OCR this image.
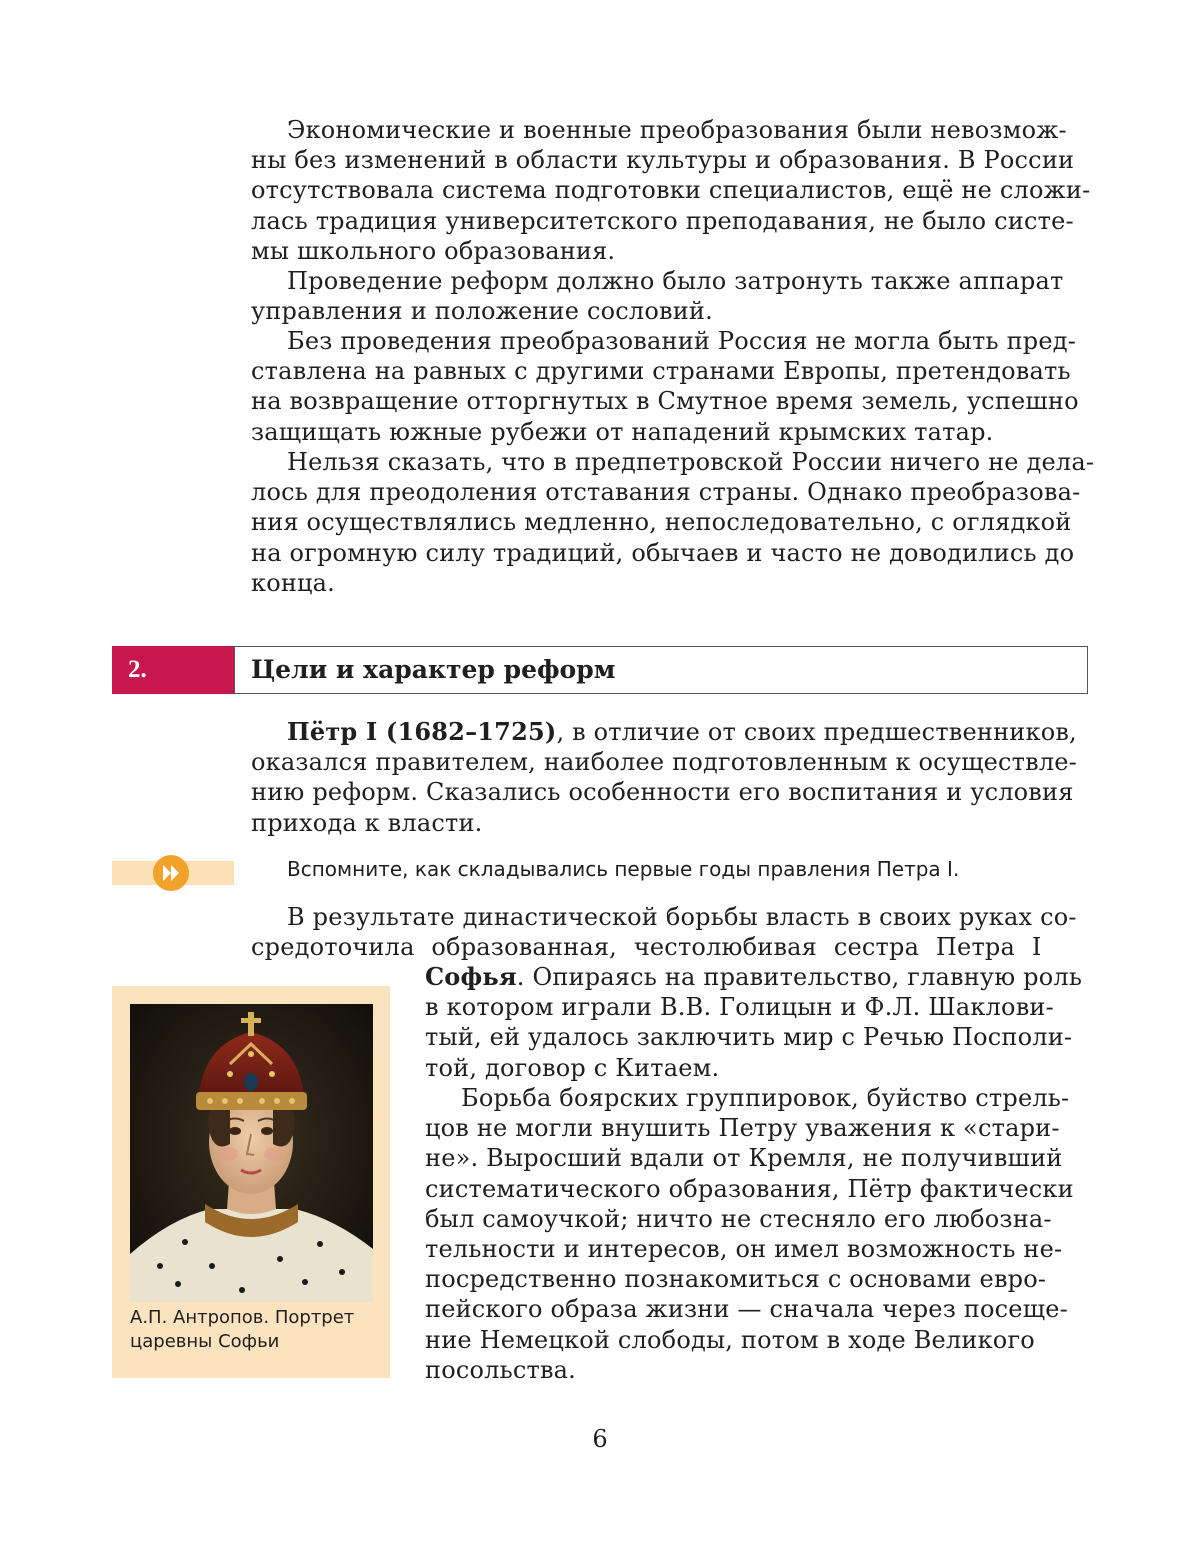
Экономические и военные преобразования были невозмож-
ны без изменений в области культуры и образования. В России
отсутствовала система подготовки специалистов, ещё не сложи-
лась традиция университетского преподавания, не было систе-
мы школьного образования.

Проведение реформ должно было затронуть также аппарат
управления и положение сословий.

Без проведения преобразований Россия не могла быть пред-
ставлена на равных с другими странами Европы, претендовать
на возвращение отторгнутых в Смутное время земель, успешно
защищать южные рубежи от нападений крымских татар.

Нельзя сказать, что в предпетровской России ничего не дела-
лось для преодоления отставания страны. Однако преобразова-
ния осуществлялись медленно, непоследовательно, с оглядкой
на огромную силу традиций, обычаев и часто не доводились до
конца.

2.	Цели и характер реформ

Пётр I (1682–1725), в отличие от своих предшественников,
оказался правителем, наиболее подготовленным к осуществле-
нию реформ. Сказались особенности его воспитания и условия
прихода к власти.

Вспомните, как складывались первые годы правления Петра I.

В результате династической борьбы власть в своих руках со-
средоточила образованная, честолюбивая сестра Петра I

Софья. Опираясь на правительство, главную роль
в котором играли В.В. Голицын и Ф.Л. Шаклови-
тый, ей удалось заключить мир с Речью Посполи-
той, договор с Китаем.

Борьба боярских группировок, буйство стрель-
цов не могли внушить Петру уважения к «стари-
не». Выросший вдали от Кремля, не получивший
систематического образования, Пётр фактически
был самоучкой; ничто не стесняло его любозна-
тельности и интересов, он имел возможность не-
посредственно познакомиться с основами евро-
пейского образа жизни — сначала через посеще-
ние Немецкой слободы, потом в ходе Великого
посольства.

А.П. Антропов. Портрет
царевны Софьи
6
